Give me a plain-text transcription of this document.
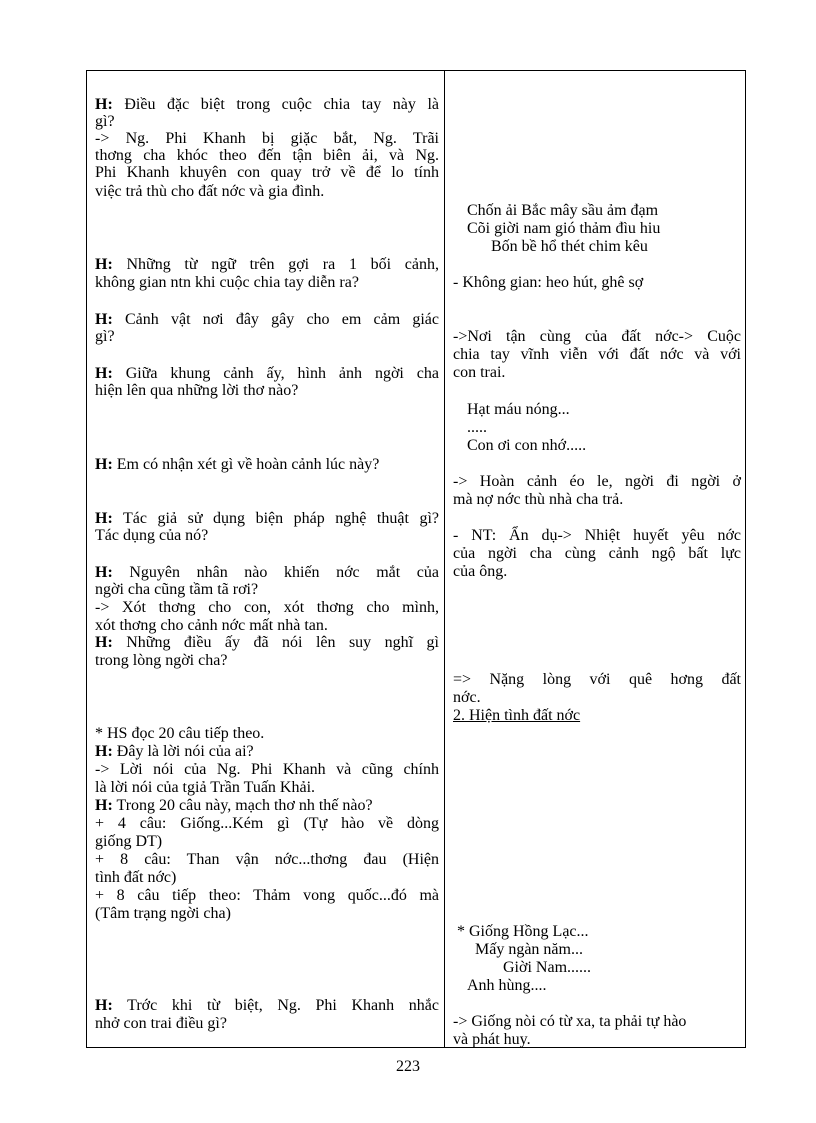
H: Điều đặc biệt trong cuộc chia tay này là
gì?
-> Ng. Phi Khanh bị giặc bắt, Ng. Trãi
thơng cha khóc theo đến tận biên ải, và Ng.
Phi Khanh khuyên con quay trở về để lo tính
việc trả thù cho đất nớc và gia đình.
H: Những từ ngữ trên gợi ra 1 bối cảnh,
không gian ntn khi cuộc chia tay diễn ra?
H: Cảnh vật nơi đây gây cho em cảm giác
gì?
H: Giữa khung cảnh ấy, hình ảnh ngời cha
hiện lên qua những lời thơ nào?
H: Em có nhận xét gì về hoàn cảnh lúc này?
H: Tác giả sử dụng biện pháp nghệ thuật gì?
Tác dụng của nó?
H: Nguyên nhân nào khiến nớc mắt của
ngời cha cũng tầm tã rơi?
-> Xót thơng cho con, xót thơng cho mình,
xót thơng cho cảnh nớc mất nhà tan.
H: Những điều ấy đã nói lên suy nghĩ gì
trong lòng ngời cha?
* HS đọc 20 câu tiếp theo.
H: Đây là lời nói của ai?
-> Lời nói của Ng. Phi Khanh và cũng chính
là lời nói của tgiả Trần Tuấn Khải.
H: Trong 20 câu này, mạch thơ nh thế nào?
+ 4 câu: Giống...Kém gì (Tự hào về dòng
giống DT)
+ 8 câu: Than vận nớc...thơng đau (Hiện
tình đất nớc)
+ 8 câu tiếp theo: Thảm vong quốc...đó mà
(Tâm trạng ngời cha)
H: Trớc khi từ biệt, Ng. Phi Khanh nhắc
nhở con trai điều gì?
Chốn ải Bắc mây sầu ảm đạm
Cõi giời nam gió thảm đìu hiu
Bốn bề hổ thét chim kêu
- Không gian: heo hút, ghê sợ
->Nơi tận cùng của đất nớc-> Cuộc
chia tay vĩnh viễn với đất nớc và với
con trai.
Hạt máu nóng...
.....
Con ơi con nhớ.....
-> Hoàn cảnh éo le, ngời đi ngời ở
mà nợ nớc thù nhà cha trả.
- NT: Ẩn dụ-> Nhiệt huyết yêu nớc
của ngời cha cùng cảnh ngộ bất lực
của ông.
=> Nặng lòng với quê hơng đất
nớc.
2. Hiện tình đất nớc
* Giống Hồng Lạc...
Mấy ngàn năm...
Giời Nam......
Anh hùng....
-> Giống nòi có từ xa, ta phải tự hào
và phát huy.
223
